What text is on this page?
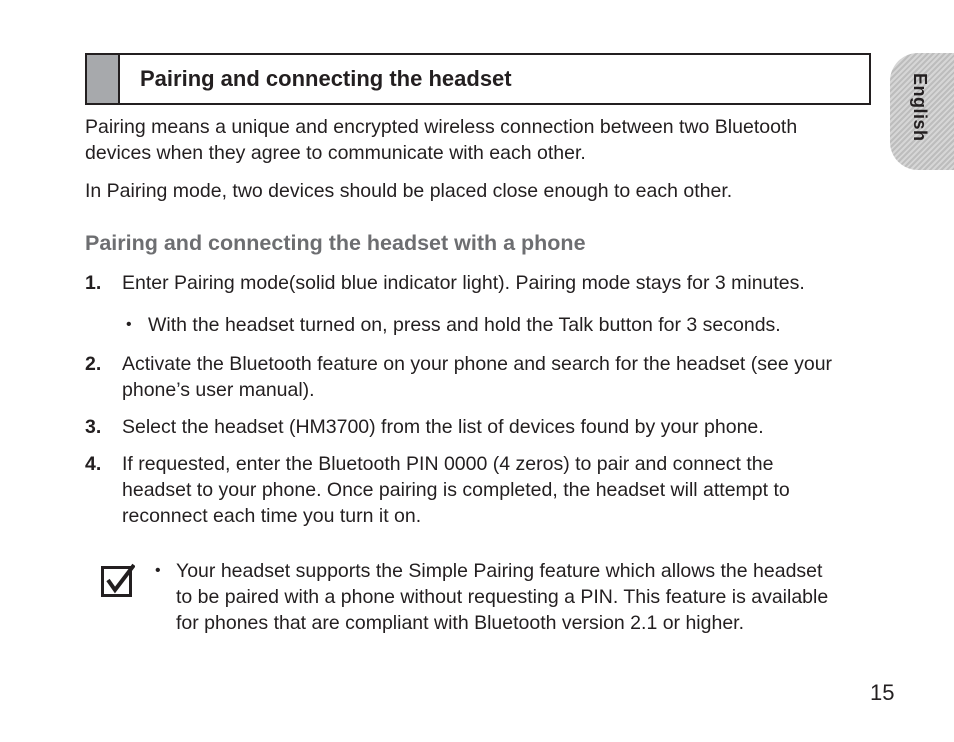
Pairing and connecting the headset	English
Pairing means a unique and encrypted wireless connection between two Bluetooth
devices when they agree to communicate with each other.
In Pairing mode, two devices should be placed close enough to each other.
Pairing and connecting the headset with a phone
1. Enter Pairing mode(solid blue indicator light). Pairing mode stays for 3 minutes.
• With the headset turned on, press and hold the Talk button for 3 seconds.
2. Activate the Bluetooth feature on your phone and search for the headset (see your
phone’s user manual).
3. Select the headset (HM3700) from the list of devices found by your phone.
4. If requested, enter the Bluetooth PIN 0000 (4 zeros) to pair and connect the
headset to your phone. Once pairing is completed, the headset will attempt to
reconnect each time you turn it on.
• Your headset supports the Simple Pairing feature which allows the headset
to be paired with a phone without requesting a PIN. This feature is available
for phones that are compliant with Bluetooth version 2.1 or higher.
15
